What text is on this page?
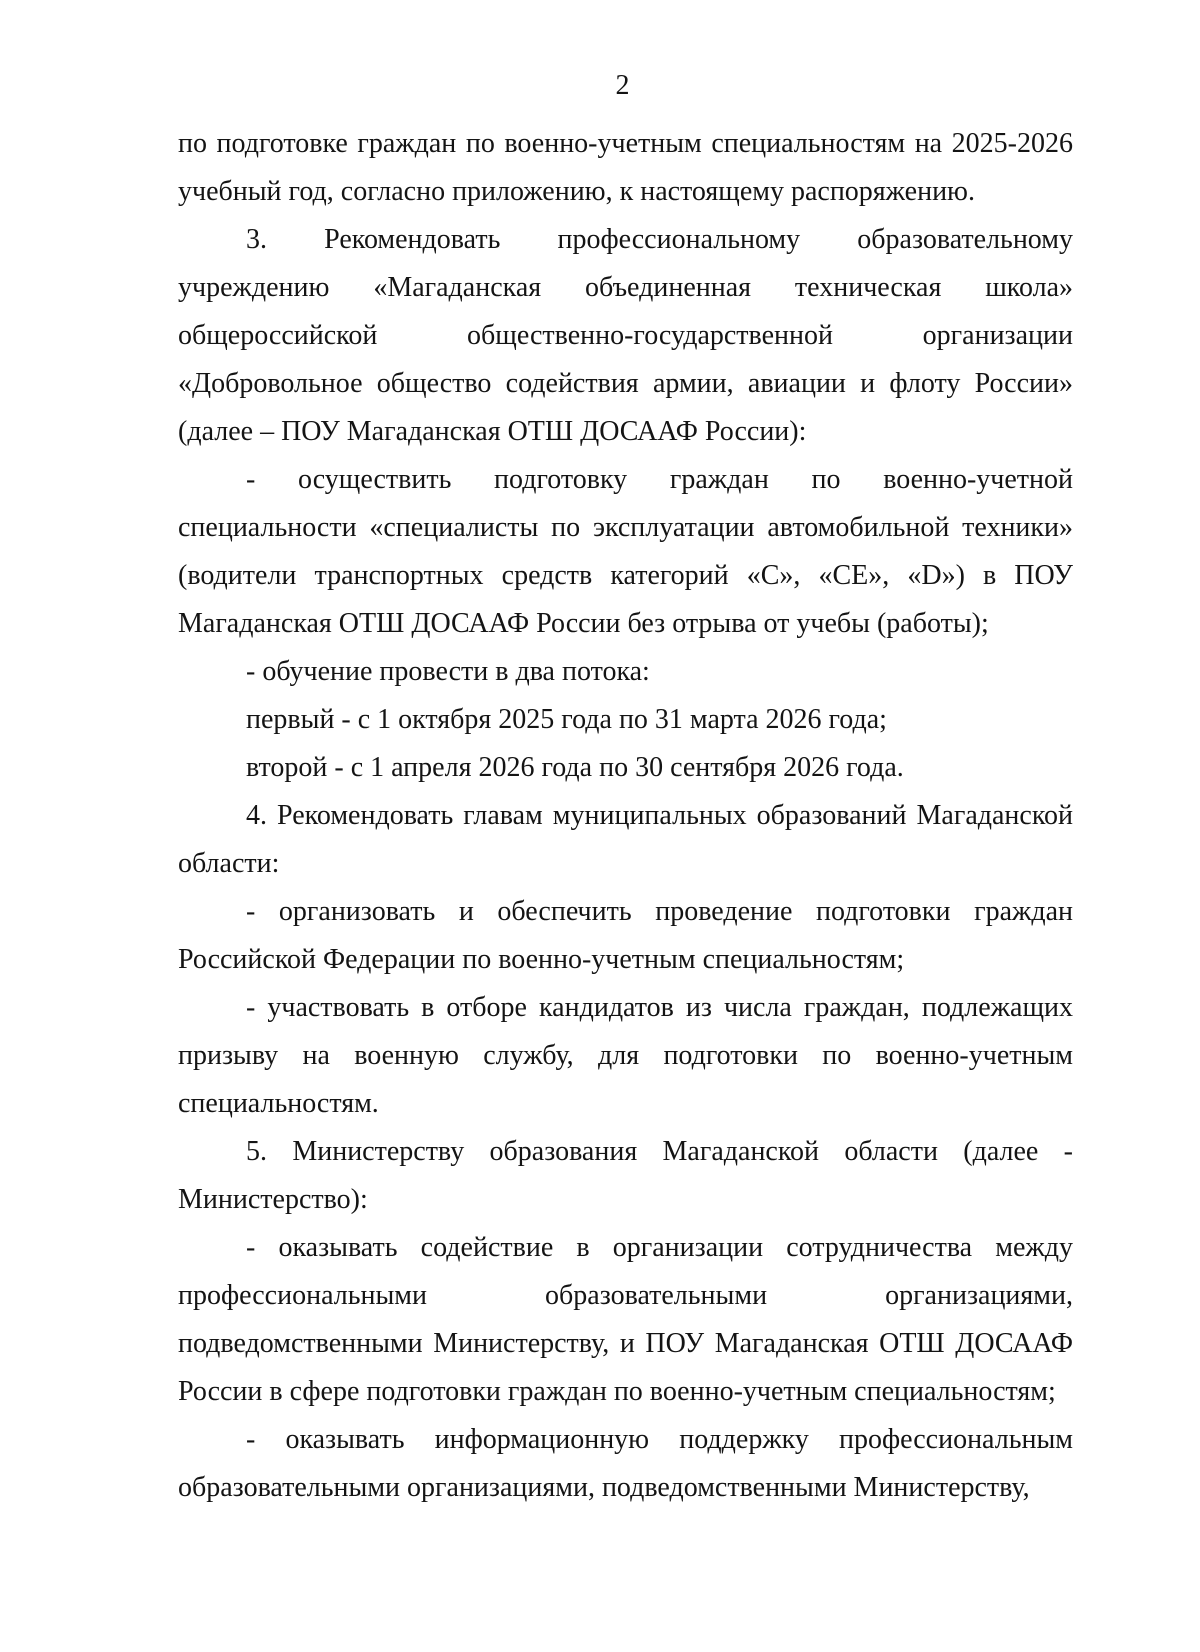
2

по подготовке граждан по военно-учетным специальностям на 2025-2026 учебный год, согласно приложению, к настоящему распоряжению.

3. Рекомендовать профессиональному образовательному учреждению «Магаданская объединенная техническая школа» общероссийской общественно-государственной организации «Добровольное общество содействия армии, авиации и флоту России» (далее – ПОУ Магаданская ОТШ ДОСААФ России):

- осуществить подготовку граждан по военно-учетной специальности «специалисты по эксплуатации автомобильной техники» (водители транспортных средств категорий «C», «CE», «D») в ПОУ Магаданская ОТШ ДОСААФ России без отрыва от учебы (работы);

- обучение провести в два потока:

первый - с 1 октября 2025 года по 31 марта 2026 года;

второй - с 1 апреля 2026 года по 30 сентября 2026 года.

4. Рекомендовать главам муниципальных образований Магаданской области:

- организовать и обеспечить проведение подготовки граждан Российской Федерации по военно-учетным специальностям;

- участвовать в отборе кандидатов из числа граждан, подлежащих призыву на военную службу, для подготовки по военно-учетным специальностям.

5. Министерству образования Магаданской области (далее - Министерство):

- оказывать содействие в организации сотрудничества между профессиональными образовательными организациями, подведомственными Министерству, и ПОУ Магаданская ОТШ ДОСААФ России в сфере подготовки граждан по военно-учетным специальностям;

- оказывать информационную поддержку профессиональным образовательными организациями, подведомственными Министерству,
